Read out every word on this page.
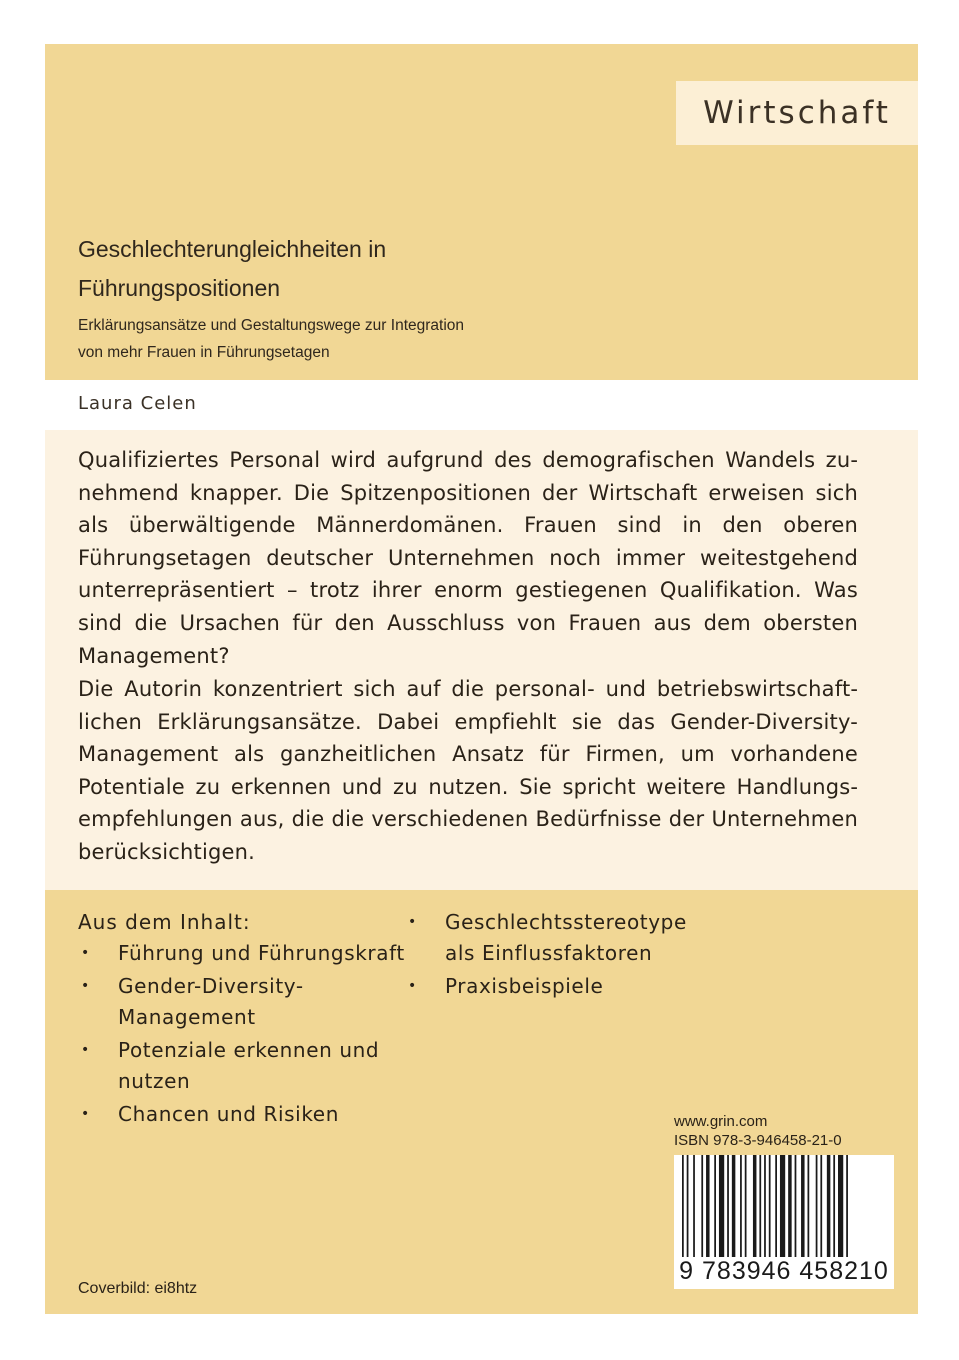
Wirtschaft
Geschlechterungleichheiten in
Führungspositionen

Erklärungsansätze und Gestaltungswege zur Integration
von mehr Frauen in Führungsetagen

Laura Celen

Qualifiziertes Personal wird aufgrund des demografischen Wandels zunehmend knapper. Die Spitzenpositionen der Wirtschaft erweisen sich als überwältigende Männerdomänen. Frauen sind in den oberen Führungsetagen deutscher Unternehmen noch immer weitestgehend unterrepräsentiert – trotz ihrer enorm gestiegenen Qualifikation. Was sind die Ursachen für den Ausschluss von Frauen aus dem obersten Management?

Die Autorin konzentriert sich auf die personal- und betriebswirtschaftlichen Erklärungsansätze. Dabei empfiehlt sie das Gender-Diversity-Management als ganzheitlichen Ansatz für Firmen, um vorhandene Potentiale zu erkennen und zu nutzen. Sie spricht weitere Handlungsempfehlungen aus, die die verschiedenen Bedürfnisse der Unternehmen berücksichtigen.

Aus dem Inhalt:
• Führung und Führungskraft
• Gender-Diversity-
Management
• Potenziale erkennen und
nutzen
• Chancen und Risiken
• Geschlechtsstereotype
als Einflussfaktoren
• Praxisbeispiele
www.grin.com
ISBN 978-3-946458-21-0
9 783946 458210
Coverbild: ei8htz
